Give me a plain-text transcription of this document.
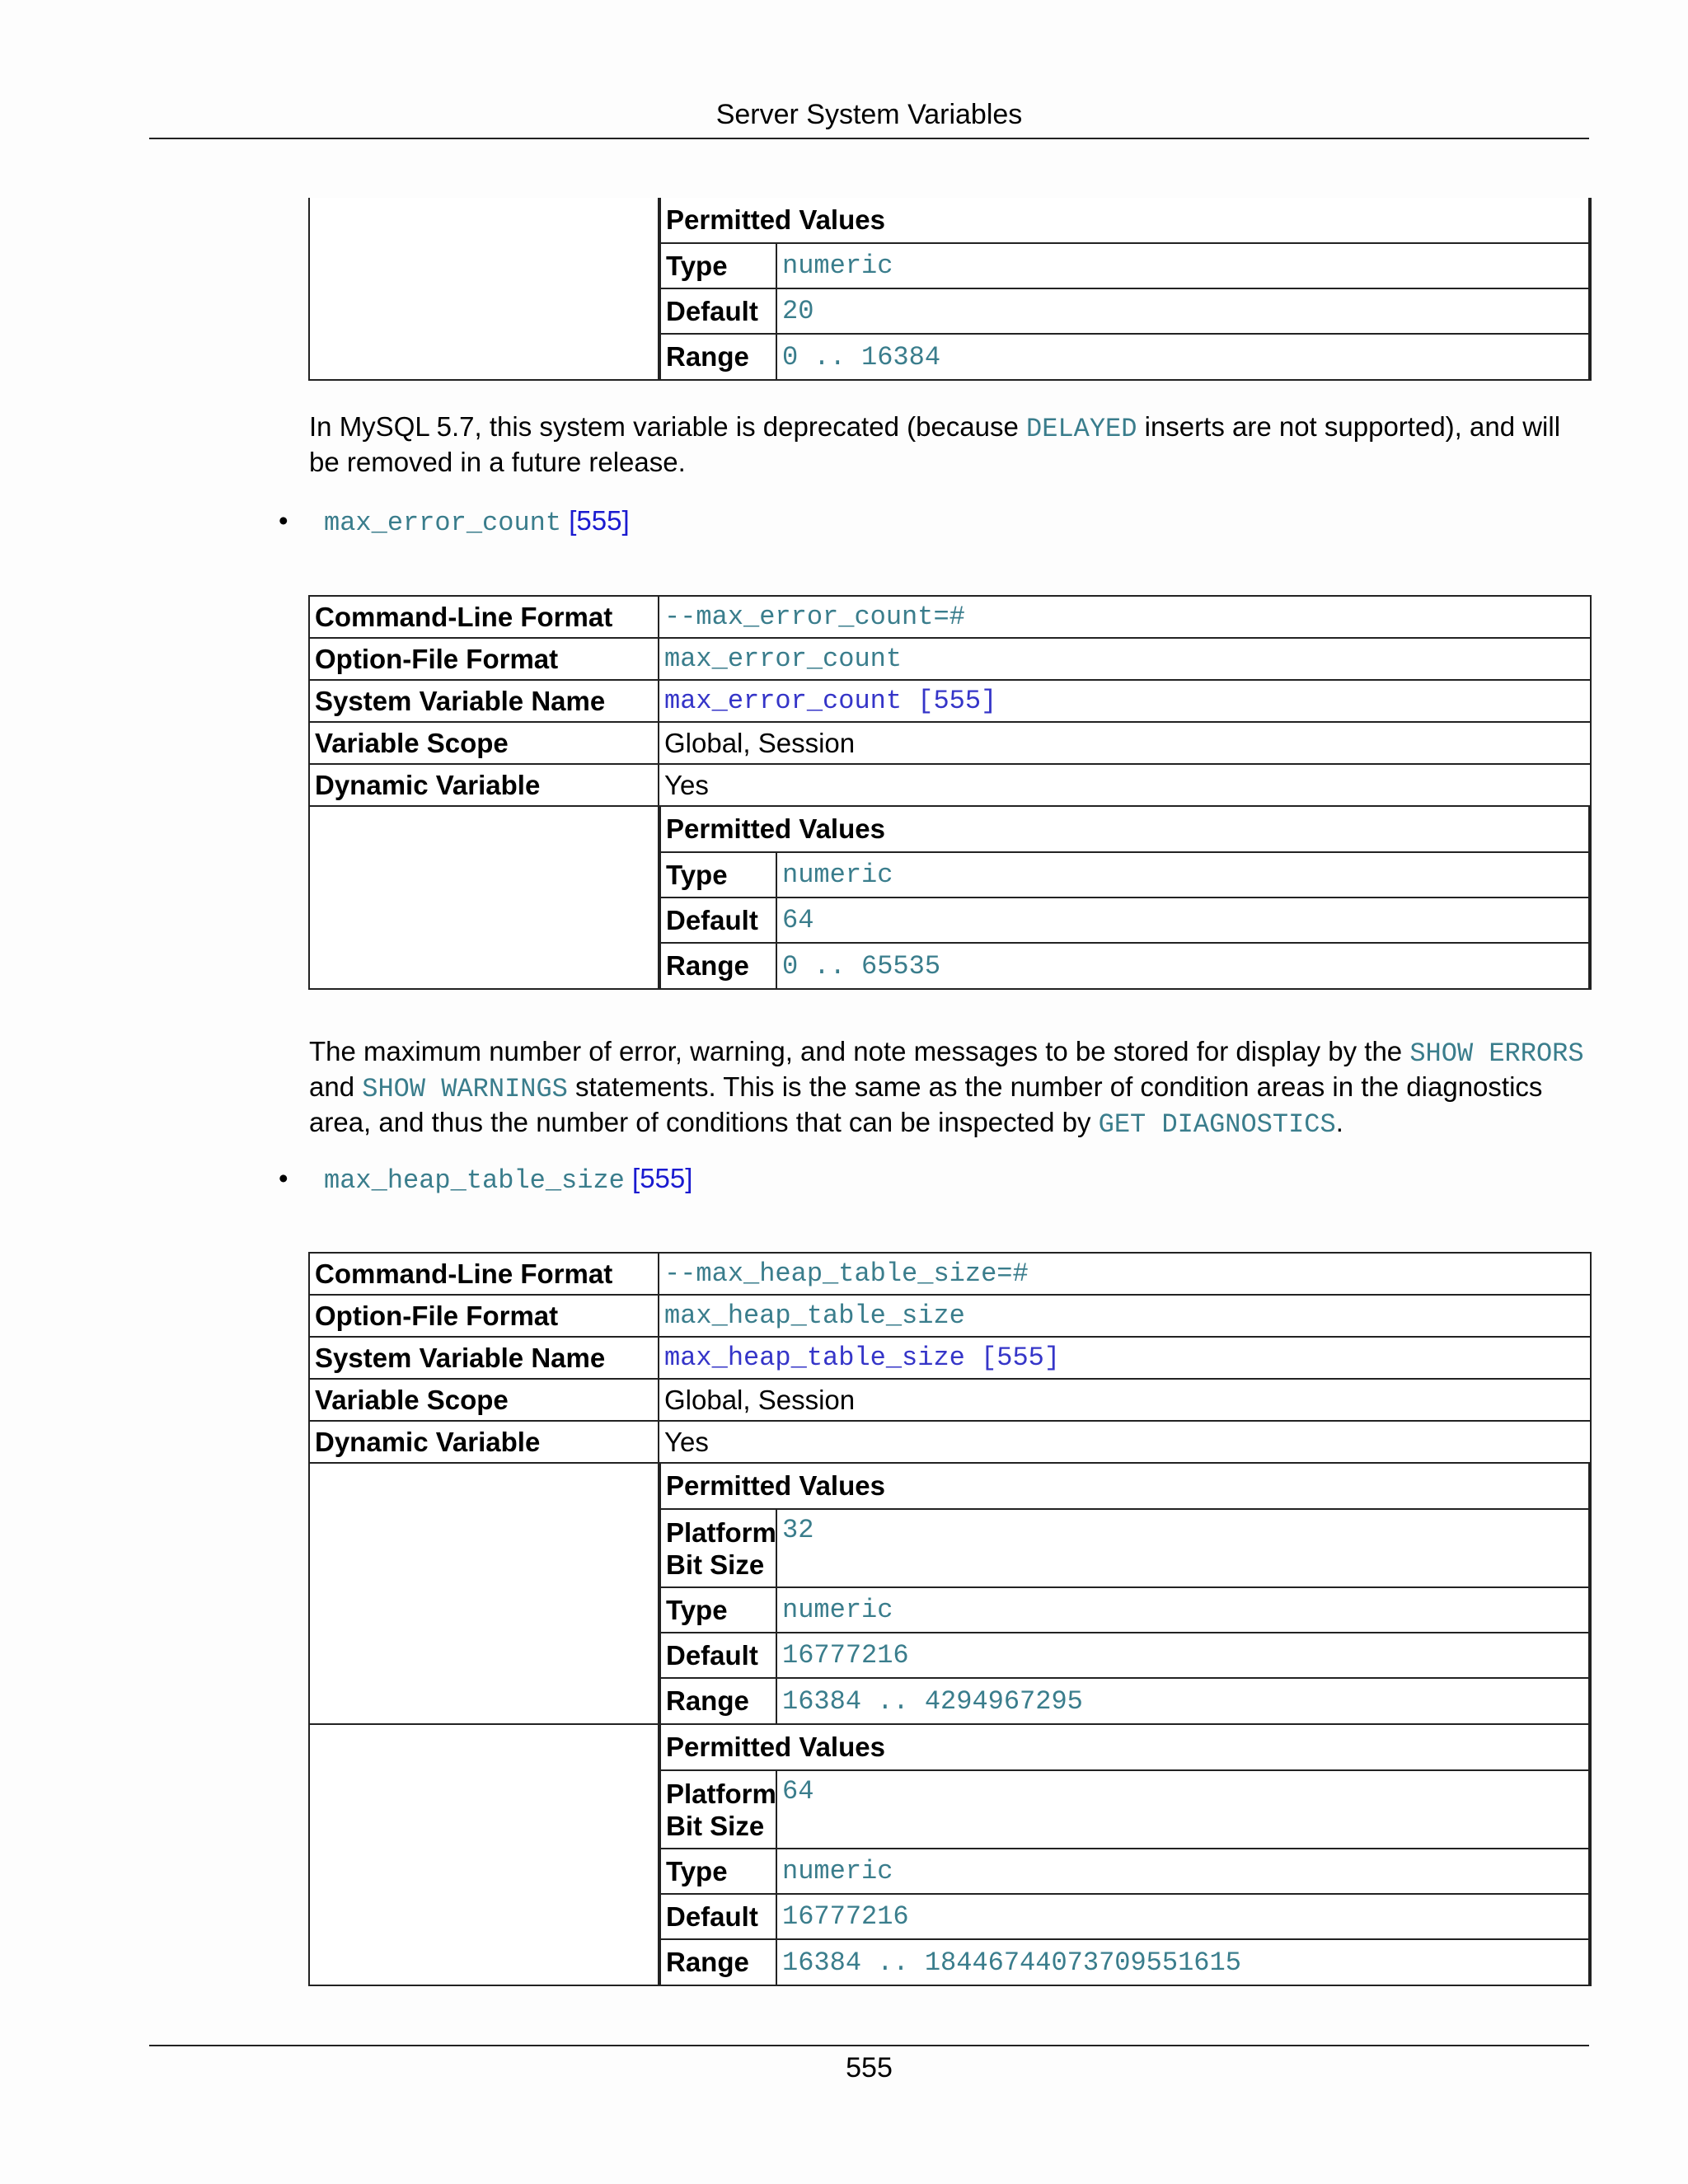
Server System Variables

Permitted Values
Type	numeric
Default	20
Range	0 .. 16384
In MySQL 5.7, this system variable is deprecated (because DELAYED inserts are not supported), and will be removed in a future release.
• max_error_count [555]
Command-Line Format	--max_error_count=#
Option-File Format	max_error_count
System Variable Name	max_error_count [555]
Variable Scope	Global, Session
Dynamic Variable	Yes

Permitted Values
Type	numeric
Default	64
Range	0 .. 65535
The maximum number of error, warning, and note messages to be stored for display by the SHOW ERRORS and SHOW WARNINGS statements. This is the same as the number of condition areas in the diagnostics area, and thus the number of conditions that can be inspected by GET DIAGNOSTICS.
• max_heap_table_size [555]
Command-Line Format	--max_heap_table_size=#
Option-File Format	max_heap_table_size
System Variable Name	max_heap_table_size [555]
Variable Scope	Global, Session
Dynamic Variable	Yes

Permitted Values
Platform Bit Size	32
Type	numeric
Default	16777216
Range	16384 .. 4294967295

Permitted Values
Platform Bit Size	64
Type	numeric
Default	16777216
Range	16384 .. 18446744073709551615
555
